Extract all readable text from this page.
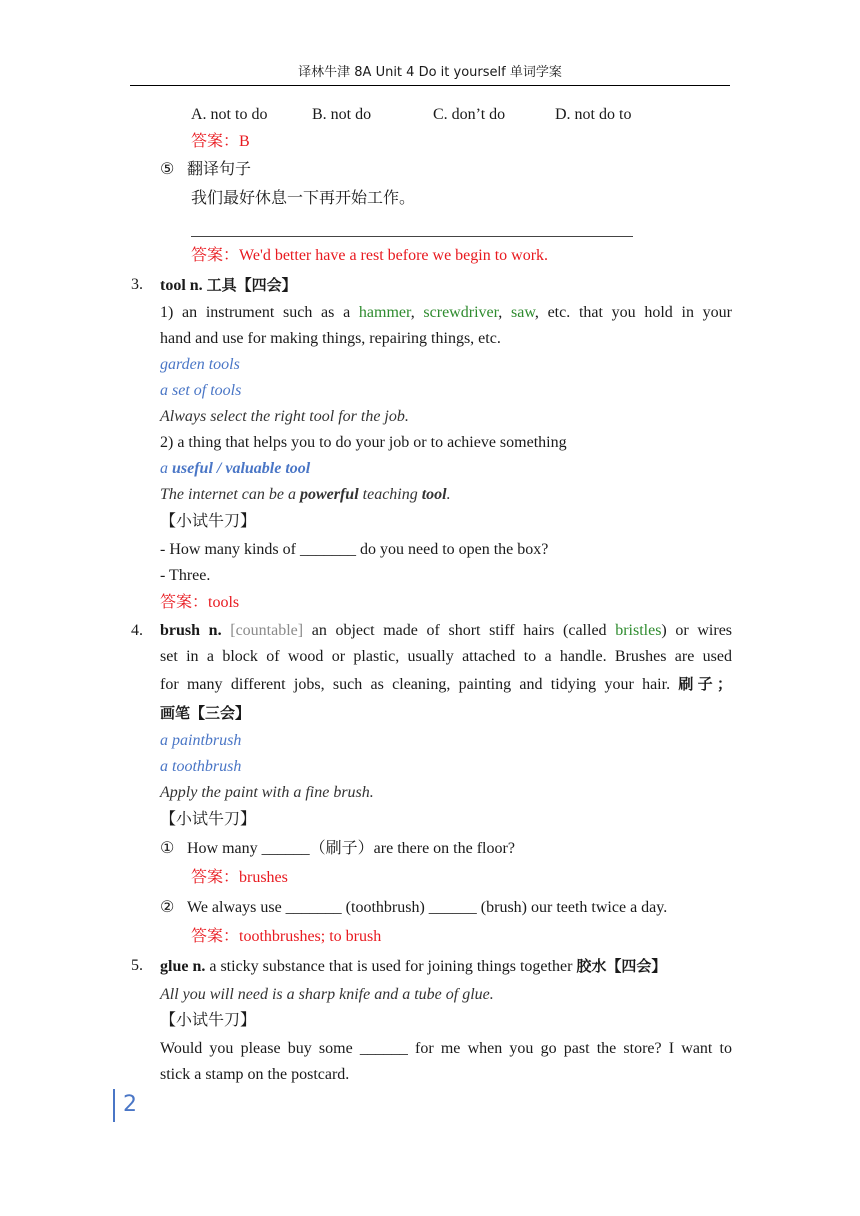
译林牛津 8A Unit 4 Do it yourself 单词学案
A. not to do	B. not do	C. don’t do	D. not do to
答案：B
⑤ 翻译句子
我们最好休息一下再开始工作。
答案：We'd better have a rest before we begin to work.
3. tool n. 工具【四会】
1) an instrument such as a hammer, screwdriver, saw, etc. that you hold in your
hand and use for making things, repairing things, etc.
garden tools
a set of tools
Always select the right tool for the job.
2) a thing that helps you to do your job or to achieve something
a useful / valuable tool
The internet can be a powerful teaching tool.
【小试牛刀】
- How many kinds of _______ do you need to open the box?
- Three.
答案：tools
4. brush n. [countable] an object made of short stiff hairs (called bristles) or wires
set in a block of wood or plastic, usually attached to a handle. Brushes are used
for many different jobs, such as cleaning, painting and tidying your hair. 刷子；
画笔【三会】
a paintbrush
a toothbrush
Apply the paint with a fine brush.
【小试牛刀】
① How many ______（刷子）are there on the floor?
答案：brushes
② We always use _______ (toothbrush) ______ (brush) our teeth twice a day.
答案：toothbrushes; to brush
5. glue n. a sticky substance that is used for joining things together 胶水【四会】
All you will need is a sharp knife and a tube of glue.
【小试牛刀】
Would you please buy some ______ for me when you go past the store? I want to
stick a stamp on the postcard.
2
